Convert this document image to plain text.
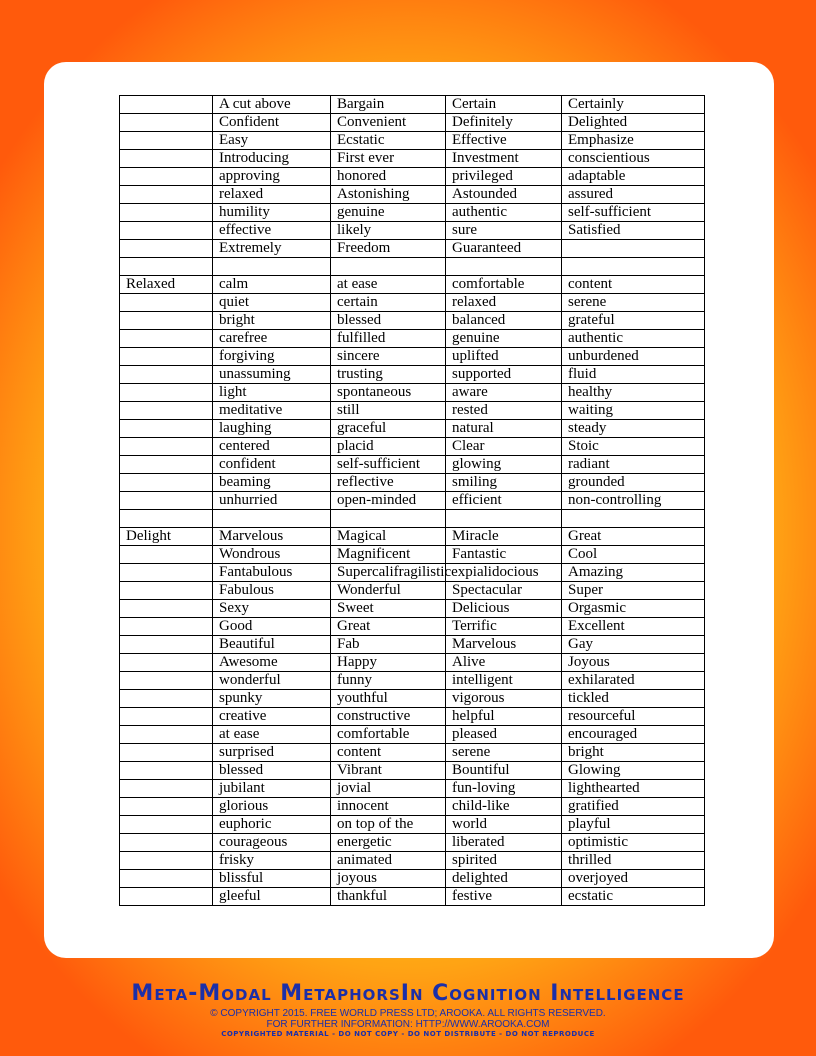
	A cut above	Bargain	Certain	Certainly
	Confident	Convenient	Definitely	Delighted
	Easy	Ecstatic	Effective	Emphasize
	Introducing	First ever	Investment	conscientious
	approving	honored	privileged	adaptable
	relaxed	Astonishing	Astounded	assured
	humility	genuine	authentic	self-sufficient
	effective	likely	sure	Satisfied
	Extremely	Freedom	Guaranteed	

Relaxed	calm	at ease	comfortable	content
	quiet	certain	relaxed	serene
	bright	blessed	balanced	grateful
	carefree	fulfilled	genuine	authentic
	forgiving	sincere	uplifted	unburdened
	unassuming	trusting	supported	fluid
	light	spontaneous	aware	healthy
	meditative	still	rested	waiting
	laughing	graceful	natural	steady
	centered	placid	Clear	Stoic
	confident	self-sufficient	glowing	radiant
	beaming	reflective	smiling	grounded
	unhurried	open-minded	efficient	non-controlling

Delight	Marvelous	Magical	Miracle	Great
	Wondrous	Magnificent	Fantastic	Cool
	Fantabulous	Supercalifragilisticexpialidocious		Amazing
	Fabulous	Wonderful	Spectacular	Super
	Sexy	Sweet	Delicious	Orgasmic
	Good	Great	Terrific	Excellent
	Beautiful	Fab	Marvelous	Gay
	Awesome	Happy	Alive	Joyous
	wonderful	funny	intelligent	exhilarated
	spunky	youthful	vigorous	tickled
	creative	constructive	helpful	resourceful
	at ease	comfortable	pleased	encouraged
	surprised	content	serene	bright
	blessed	Vibrant	Bountiful	Glowing
	jubilant	jovial	fun-loving	lighthearted
	glorious	innocent	child-like	gratified
	euphoric	on top of the	world	playful
	courageous	energetic	liberated	optimistic
	frisky	animated	spirited	thrilled
	blissful	joyous	delighted	overjoyed
	gleeful	thankful	festive	ecstatic
Meta-Modal MetaphorsIn Cognition Intelligence
© COPYRIGHT 2015. FREE WORLD PRESS LTD; AROOKA. ALL RIGHTS RESERVED.
FOR FURTHER INFORMATION: HTTP://WWW.AROOKA.COM
COPYRIGHTED MATERIAL - DO NOT COPY - DO NOT DISTRIBUTE - DO NOT REPRODUCE
